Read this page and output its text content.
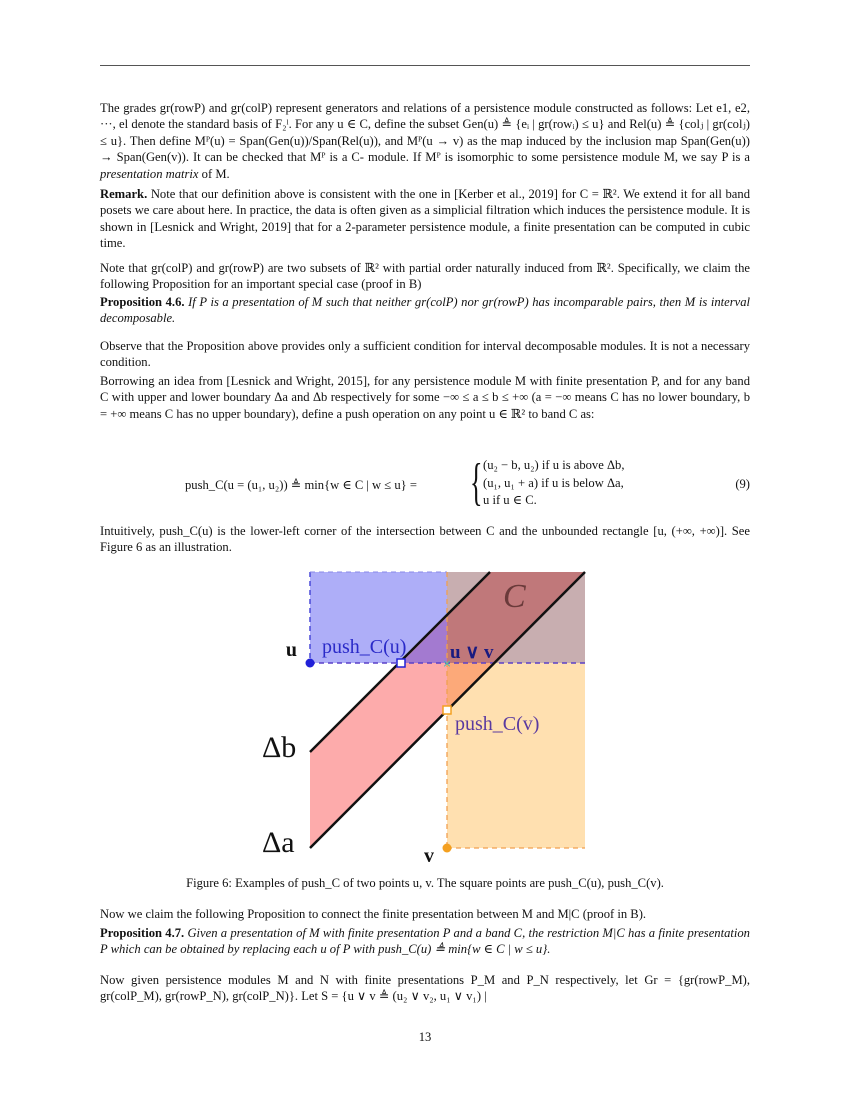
The grades gr(rowP) and gr(colP) represent generators and relations of a persistence module constructed as follows: Let e1, e2, ···, el denote the standard basis of F₂ˡ. For any u ∈ C, define the subset Gen(u) ≜ {eᵢ | gr(rowᵢ) ≤ u} and Rel(u) ≜ {colⱼ | gr(colⱼ) ≤ u}. Then define Mᴾ(u) = Span(Gen(u))/Span(Rel(u)), and Mᴾ(u → v) as the map induced by the inclusion map Span(Gen(u)) → Span(Gen(v)). It can be checked that Mᴾ is a C- module. If Mᴾ is isomorphic to some persistence module M, we say P is a presentation matrix of M.
Remark. Note that our definition above is consistent with the one in [Kerber et al., 2019] for C = ℝ². We extend it for all band posets we care about here. In practice, the data is often given as a simplicial filtration which induces the persistence module. It is shown in [Lesnick and Wright, 2019] that for a 2-parameter persistence module, a finite presentation can be computed in cubic time.
Note that gr(colP) and gr(rowP) are two subsets of ℝ² with partial order naturally induced from ℝ². Specifically, we claim the following Proposition for an important special case (proof in B)
Proposition 4.6. If P is a presentation of M such that neither gr(colP) nor gr(rowP) has incomparable pairs, then M is interval decomposable.
Observe that the Proposition above provides only a sufficient condition for interval decomposable modules. It is not a necessary condition.
Borrowing an idea from [Lesnick and Wright, 2015], for any persistence module M with finite presentation P, and for any band C with upper and lower boundary Δa and Δb respectively for some −∞ ≤ a ≤ b ≤ +∞ (a = −∞ means C has no lower boundary, b = +∞ means C has no upper boundary), define a push operation on any point u ∈ ℝ² to band C as:
push_C(u = (u₁, u₂)) ≜ min{w ∈ C | w ≤ u} = { (u₂ − b, u₂) if u is above Δb,
(u₁, u₁ + a) if u is below Δa,
u if u ∈ C.
(9)
Intuitively, push_C(u) is the lower-left corner of the intersection between C and the unbounded rectangle [u, (+∞, +∞)]. See Figure 6 as an illustration.
×
u push_C(u) u ∨ v
C
push_C(v)
Δb
Δa	v
Figure 6: Examples of push_C of two points u, v. The square points are push_C(u), push_C(v).
Now we claim the following Proposition to connect the finite presentation between M and M|C (proof in B).
Proposition 4.7. Given a presentation of M with finite presentation P and a band C, the restriction M|C has a finite presentation P which can be obtained by replacing each u of P with push_C(u) ≜ min{w ∈ C | w ≤ u}.
Now given persistence modules M and N with finite presentations P_M and P_N respectively, let Gr = {gr(rowP_M), gr(colP_M), gr(rowP_N), gr(colP_N)}. Let S = {u ∨ v ≜ (u₂ ∨ v₂, u₁ ∨ v₁) |
13
